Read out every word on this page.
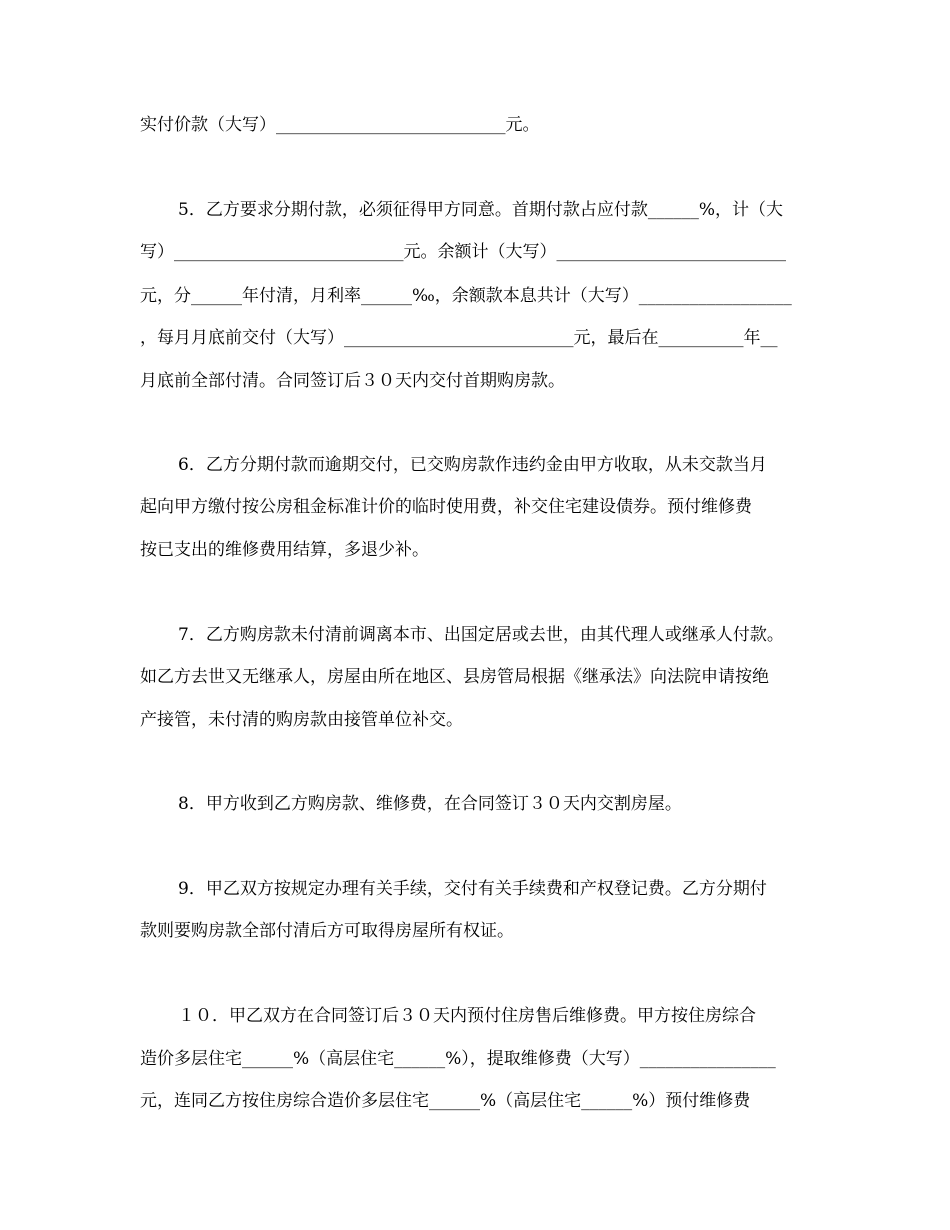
实付价款（大写）___________________________元。
5．乙方要求分期付款，必须征得甲方同意。首期付款占应付款______%，计（大
写）___________________________元。余额计（大写）___________________________
元，分______年付清，月利率______‰，余额款本息共计（大写）__________________
，每月月底前交付（大写）___________________________元，最后在__________年__
月底前全部付清。合同签订后３０天内交付首期购房款。
6．乙方分期付款而逾期交付，已交购房款作违约金由甲方收取，从未交款当月
起向甲方缴付按公房租金标准计价的临时使用费，补交住宅建设债券。预付维修费
按已支出的维修费用结算，多退少补。
7．乙方购房款未付清前调离本市、出国定居或去世，由其代理人或继承人付款。
如乙方去世又无继承人，房屋由所在地区、县房管局根据《继承法》向法院申请按绝
产接管，未付清的购房款由接管单位补交。
8．甲方收到乙方购房款、维修费，在合同签订３０天内交割房屋。
9．甲乙双方按规定办理有关手续，交付有关手续费和产权登记费。乙方分期付
款则要购房款全部付清后方可取得房屋所有权证。
１０．甲乙双方在合同签订后３０天内预付住房售后维修费。甲方按住房综合
造价多层住宅______%（高层住宅______%），提取维修费（大写）________________
元，连同乙方按住房综合造价多层住宅______%（高层住宅______%）预付维修费
